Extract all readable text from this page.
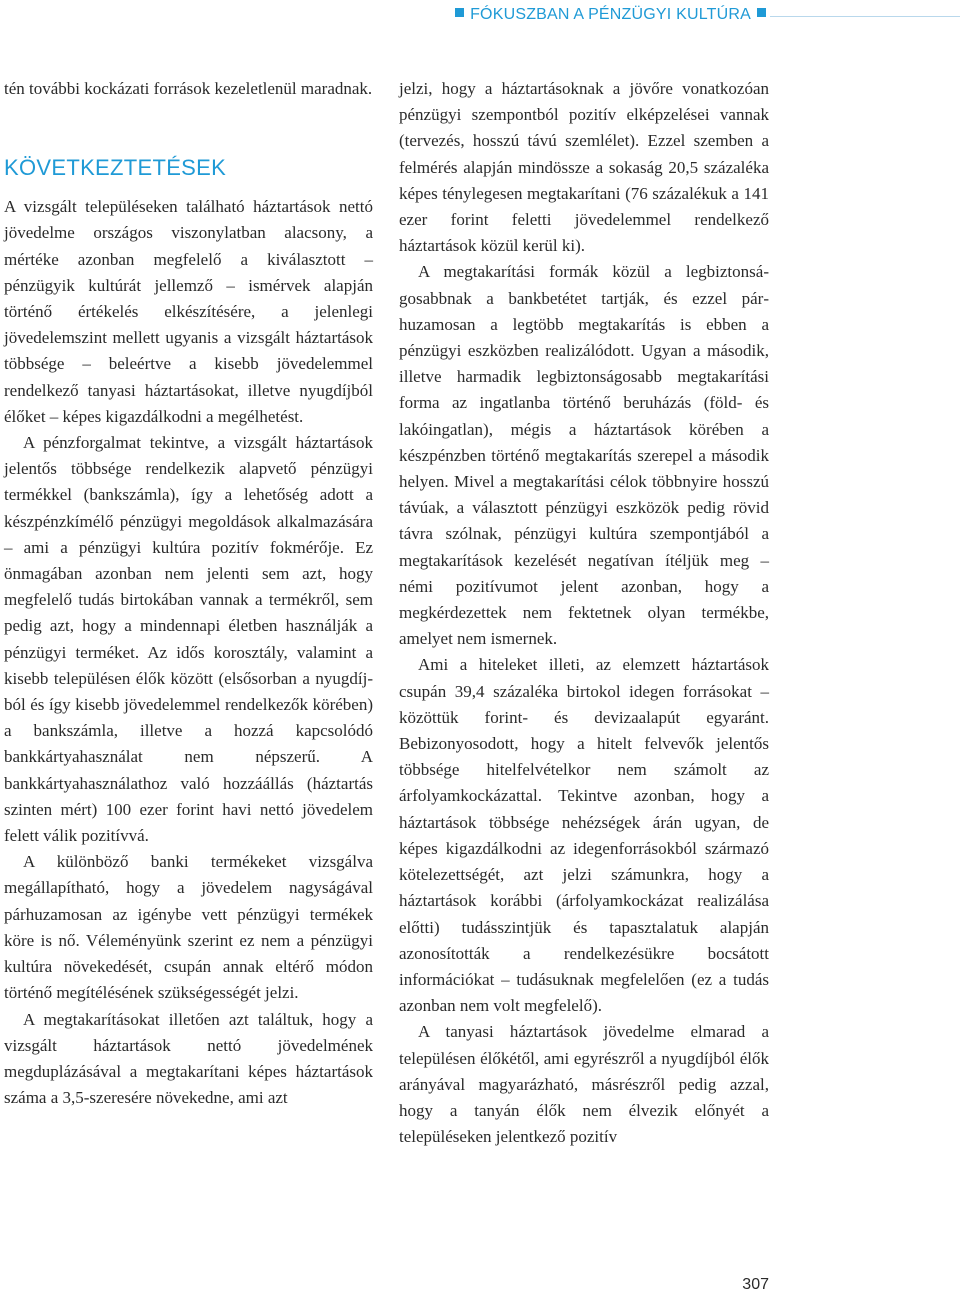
FÓKUSZBAN A PÉNZÜGYI KULTÚRA

tén további kockázati források kezeletlenül maradnak.

KÖVETKEZTETÉSEK

A vizsgált településeken található háztartások nettó jövedelme országos viszonylatban alacsony, a mértéke azonban megfelelő a kiválasztott – pénzügyik kultúrát jellemző – ismérvek alapján történő értékelés elkészítésére, a jelenlegi jövedelemszint mellett ugyanis a vizsgált háztartások többsége – beleértve a kisebb jövedelemmel rendelkező tanyasi háztartásokat, illetve nyugdíjból élőket – képes kigazdálkodni a megélhetést.

A pénzforgalmat tekintve, a vizsgált háztartások jelentős többsége rendelkezik alapvető pénzügyi termékkel (bankszámla), így a lehetőség adott a készpénzkímélő pénzügyi megoldások alkalmazására – ami a pénzügyi kultúra pozitív fokmérője. Ez önmagában azonban nem jelenti sem azt, hogy megfelelő tudás birtokában vannak a termékről, sem pedig azt, hogy a mindennapi életben használják a pénzügyi terméket. Az idős korosztály, valamint a kisebb településen élők között (elsősorban a nyugdíjból és így kisebb jövedelemmel rendelkezők körében) a bankszámla, illetve a hozzá kapcsolódó bankkártyahasználat nem népszerű. A bankkártyahasználathoz való hozzáállás (háztartás szinten mért) 100 ezer forint havi nettó jövedelem felett válik pozitívvá.

A különböző banki termékeket vizsgálva megállapítható, hogy a jövedelem nagyságával párhuzamosan az igénybe vett pénzügyi termékek köre is nő. Véleményünk szerint ez nem a pénzügyi kultúra növekedését, csupán annak eltérő módon történő megítélésének szükségességét jelzi.

A megtakarításokat illetően azt találtuk, hogy a vizsgált háztartások nettó jövedelmének megduplázásával a megtakarítani képes háztartások száma a 3,5-szeresére növekedne, ami azt

jelzi, hogy a háztartásoknak a jövőre vonatkozóan pénzügyi szempontból pozitív elképzelései vannak (tervezés, hosszú távú szemlélet). Ezzel szemben a felmérés alapján mindössze a sokaság 20,5 százaléka képes ténylegesen megtakarítani (76 százalékuk a 141 ezer forint feletti jövedelemmel rendelkező háztartások közül kerül ki).

A megtakarítási formák közül a legbiztonságosabbnak a bankbetétet tartják, és ezzel párhuzamosan a legtöbb megtakarítás is ebben a pénzügyi eszközben realizálódott. Ugyan a második, illetve harmadik legbiztonságosabb megtakarítási forma az ingatlanba történő beruházás (föld- és lakóingatlan), mégis a háztartások körében a készpénzben történő megtakarítás szerepel a második helyen. Mivel a megtakarítási célok többnyire hosszú távúak, a választott pénzügyi eszközök pedig rövid távra szólnak, pénzügyi kultúra szempontjából a megtakarítások kezelését negatívan ítéljük meg – némi pozitívumot jelent azonban, hogy a megkérdezettek nem fektetnek olyan termékbe, amelyet nem ismernek.

Ami a hiteleket illeti, az elemzett háztartások csupán 39,4 százaléka birtokol idegen forrásokat – közöttük forint- és devizaalapút egyaránt. Bebizonyosodott, hogy a hitelt felvevők jelentős többsége hitelfelvételkor nem számolt az árfolyamkockázattal. Tekintve azonban, hogy a háztartások többsége nehézségek árán ugyan, de képes kigazdálkodni az idegenforrásokból származó kötelezettségét, azt jelzi számunkra, hogy a háztartások korábbi (árfolyamkockázat realizálása előtti) tudásszintjük és tapasztalatuk alapján azonosították a rendelkezésükre bocsátott információkat – tudásuknak megfelelően (ez a tudás azonban nem volt megfelelő).

A tanyasi háztartások jövedelme elmarad a településen élőkétől, ami egyrészről a nyugdíjból élők arányával magyarázható, másrészről pedig azzal, hogy a tanyán élők nem élvezik előnyét a településeken jelentkező pozitív

307
